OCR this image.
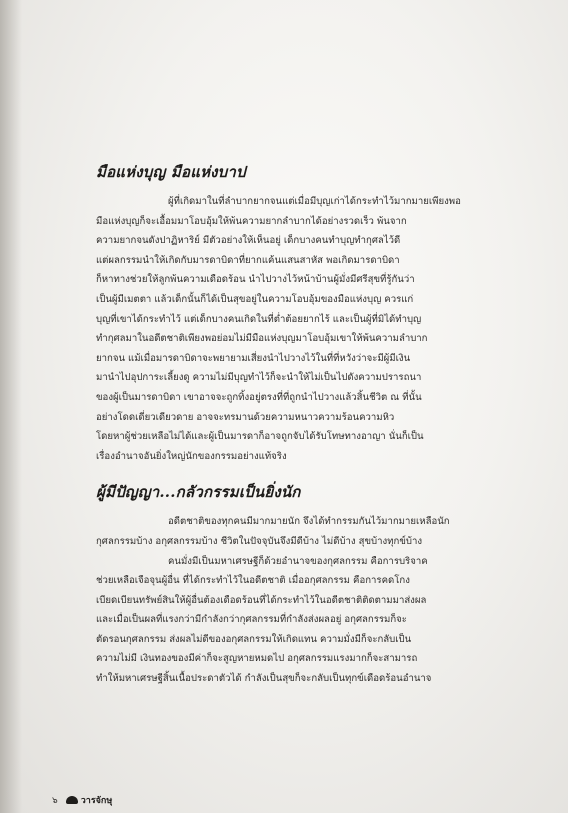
มือแห่งบุญ มือแห่งบาป
ผู้ที่เกิดมาในที่ลำบากยากจนแต่เมื่อมีบุญเก่าได้กระทำไว้มากมายเพียงพอ
มือแห่งบุญก็จะเอื้อมมาโอบอุ้มให้พ้นความยากลำบากได้อย่างรวดเร็ว พ้นจาก
ความยากจนดังปาฏิหาริย์ มีตัวอย่างให้เห็นอยู่ เด็กบางคนทำบุญทำกุศลไว้ดี
แต่ผลกรรมนำให้เกิดกับมารดาบิดาที่ยากแค้นแสนสาหัส พอเกิดมารดาบิดา
ก็หาทางช่วยให้ลูกพ้นความเดือดร้อน นำไปวางไว้หน้าบ้านผู้มั่งมีศรีสุขที่รู้กันว่า
เป็นผู้มีเมตตา แล้วเด็กนั้นก็ได้เป็นสุขอยู่ในความโอบอุ้มของมือแห่งบุญ ควรแก่
บุญที่เขาได้กระทำไว้ แต่เด็กบางคนเกิดในที่ต่ำต้อยยากไร้ และเป็นผู้ที่มิได้ทำบุญ
ทำกุศลมาในอดีตชาติเพียงพอย่อมไม่มีมือแห่งบุญมาโอบอุ้มเขาให้พ้นความลำบาก
ยากจน แม้เมื่อมารดาบิดาจะพยายามเสี่ยงนำไปวางไว้ในที่ที่หวังว่าจะมีผู้มีเงิน
มานำไปอุปการะเลี้ยงดู ความไม่มีบุญทำไว้ก็จะนำให้ไม่เป็นไปดังความปรารถนา
ของผู้เป็นมารดาบิดา เขาอาจจะถูกทิ้งอยู่ตรงที่ที่ถูกนำไปวางแล้วสิ้นชีวิต ณ ที่นั้น
อย่างโดดเดี่ยวเดียวดาย อาจจะทรมานด้วยความหนาวความร้อนความหิว
โดยหาผู้ช่วยเหลือไม่ได้และผู้เป็นมารดาก็อาจถูกจับได้รับโทษทางอาญา นั่นก็เป็น
เรื่องอำนาจอันยิ่งใหญ่นักของกรรมอย่างแท้จริง
ผู้มีปัญญา...กลัวกรรมเป็นยิ่งนัก
อดีตชาติของทุกคนมีมากมายนัก จึงได้ทำกรรมกันไว้มากมายเหลือนัก
กุศลกรรมบ้าง อกุศลกรรมบ้าง ชีวิตในปัจจุบันจึงมีดีบ้าง ไม่ดีบ้าง สุขบ้างทุกข์บ้าง
คนมั่งมีเป็นมหาเศรษฐีก็ด้วยอำนาจของกุศลกรรม คือการบริจาค
ช่วยเหลือเจือจุนผู้อื่น ที่ได้กระทำไว้ในอดีตชาติ เมื่ออกุศลกรรม คือการคดโกง
เบียดเบียนทรัพย์สินให้ผู้อื่นต้องเดือดร้อนที่ได้กระทำไว้ในอดีตชาติติดตามมาส่งผล
และเมื่อเป็นผลที่แรงกว่ามีกำลังกว่ากุศลกรรมที่กำลังส่งผลอยู่ อกุศลกรรมก็จะ
ตัดรอนกุศลกรรม ส่งผลไม่ดีของอกุศลกรรมให้เกิดแทน ความมั่งมีก็จะกลับเป็น
ความไม่มี เงินทองของมีค่าก็จะสูญหายหมดไป อกุศลกรรมแรงมากก็จะสามารถ
ทำให้มหาเศรษฐีสิ้นเนื้อประดาตัวได้ กำลังเป็นสุขก็จะกลับเป็นทุกข์เดือดร้อนอำนาจ
๖	วารจักษุ
